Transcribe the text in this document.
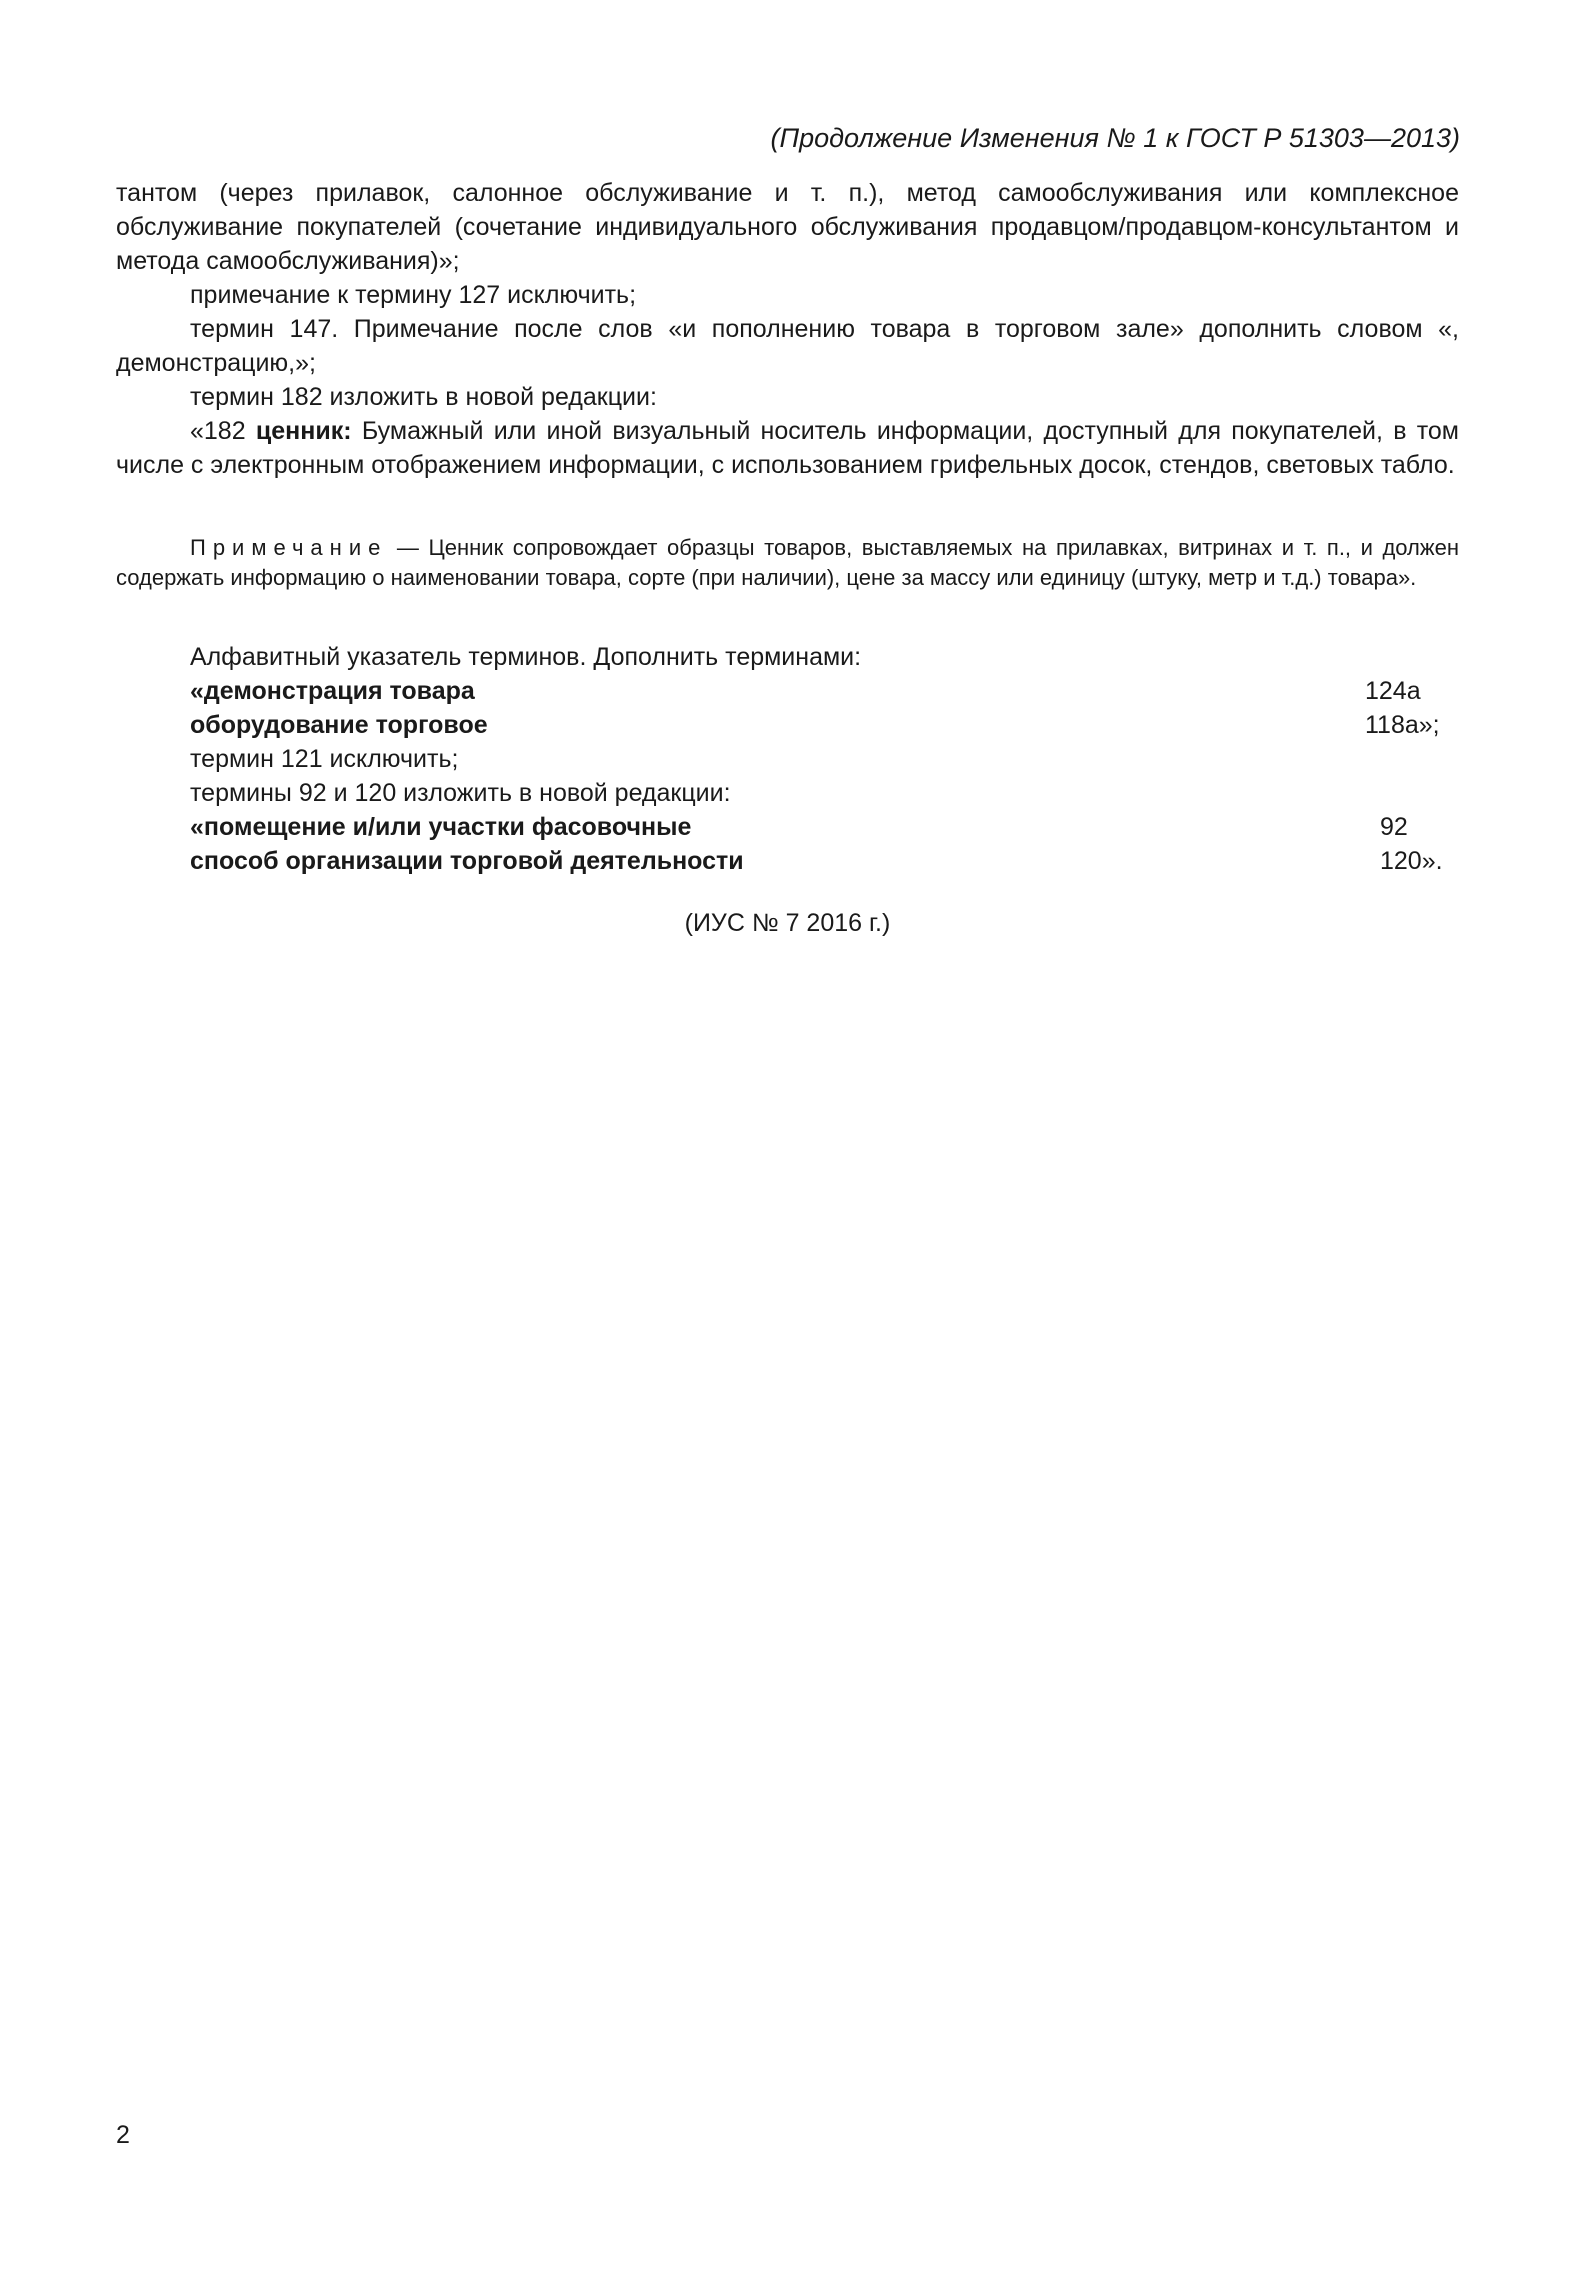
(Продолжение Изменения № 1 к ГОСТ Р 51303—2013)

тантом (через прилавок, салонное обслуживание и т. п.), метод самообслуживания или комплексное обслуживание покупателей (сочетание индивидуального обслуживания продавцом/продавцом-консультантом и метода самообслуживания)»;

примечание к термину 127 исключить;

термин 147. Примечание после слов «и пополнению товара в торговом зале» дополнить словом «, демонстрацию,»;

термин 182 изложить в новой редакции:

«182 ценник: Бумажный или иной визуальный носитель информации, доступный для покупателей, в том числе с электронным отображением информации, с использованием грифельных досок, стендов, световых табло.

Примечание — Ценник сопровождает образцы товаров, выставляемых на прилавках, витринах и т. п., и должен содержать информацию о наименовании товара, сорте (при наличии), цене за массу или единицу (штуку, метр и т.д.) товара».

Алфавитный указатель терминов. Дополнить терминами:
«демонстрация товара	124а
оборудование торговое	118а»;
термин 121 исключить;
термины 92 и 120 изложить в новой редакции:
«помещение и/или участки фасовочные	92
способ организации торговой деятельности	120».
(ИУС № 7 2016 г.)
2
